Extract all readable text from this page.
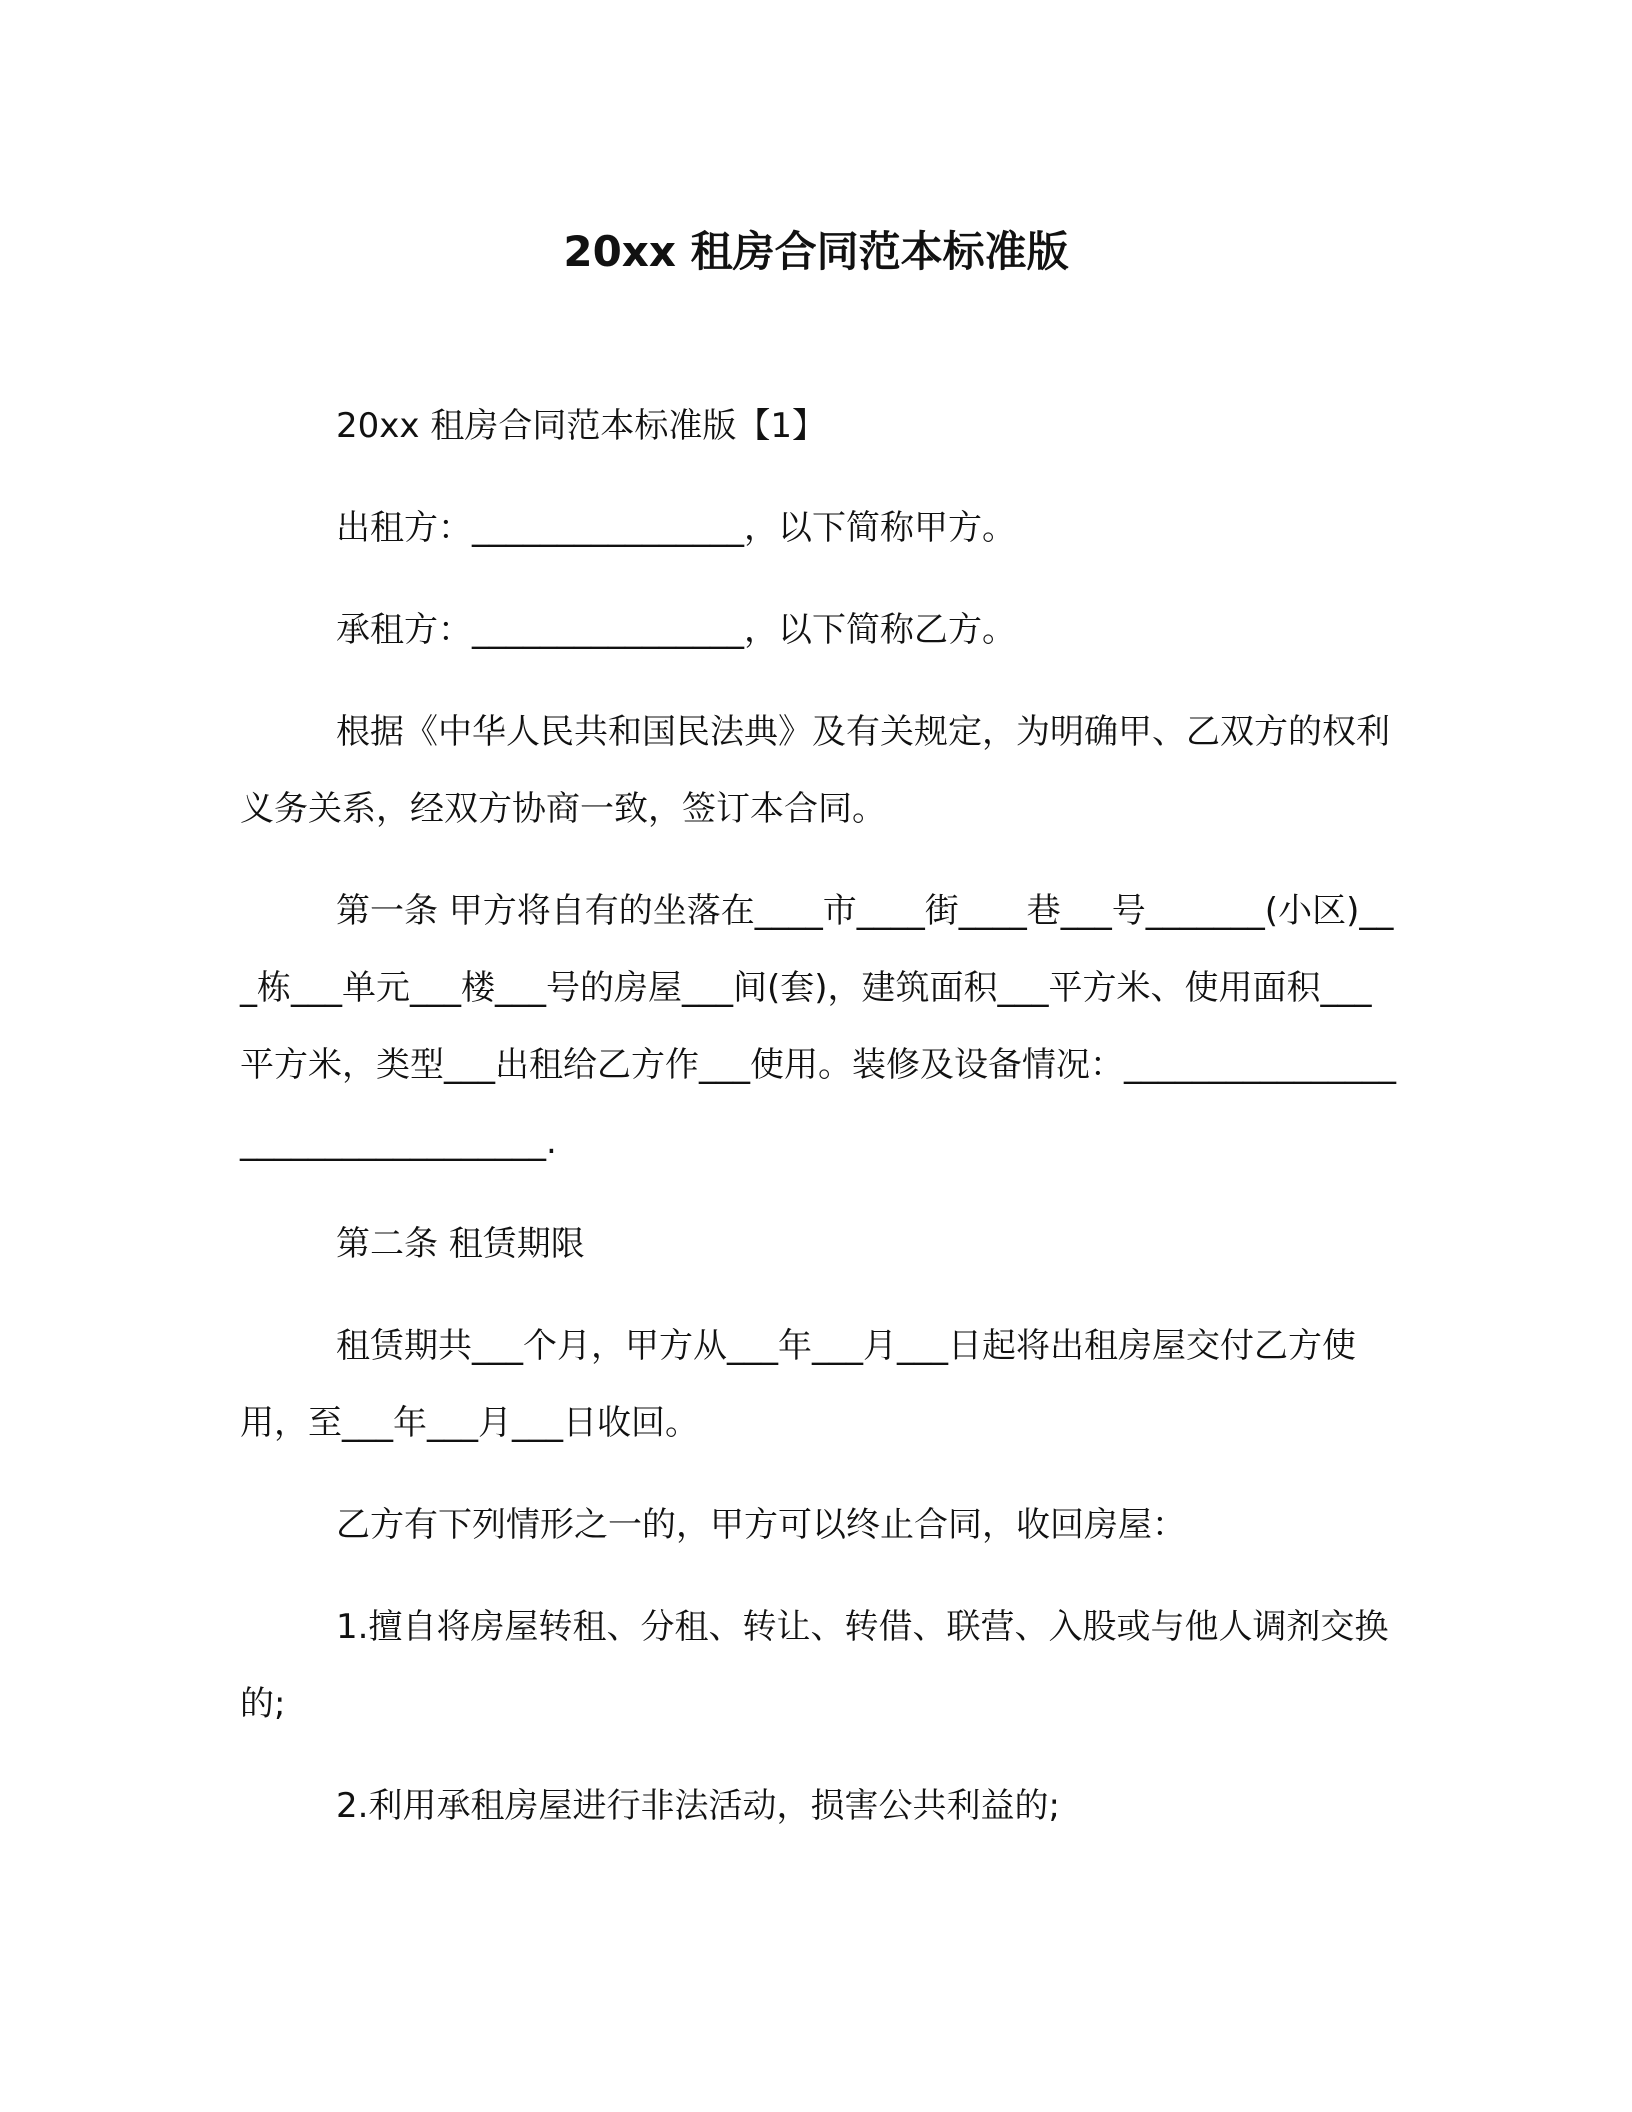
20xx 租房合同范本标准版

20xx 租房合同范本标准版【1】

出租方：________________，以下简称甲方。

承租方：________________，以下简称乙方。

根据《中华人民共和国民法典》及有关规定，为明确甲、乙双方的权利义务关系，经双方协商一致，签订本合同。

第一条 甲方将自有的坐落在____市____街____巷___号_______(小区)___栋___单元___楼___号的房屋___间(套)，建筑面积___平方米、使用面积___平方米，类型___出租给乙方作___使用。装修及设备情况：__________________________________.

第二条 租赁期限

租赁期共___个月，甲方从___年___月___日起将出租房屋交付乙方使用，至___年___月___日收回。

乙方有下列情形之一的，甲方可以终止合同，收回房屋：

1.擅自将房屋转租、分租、转让、转借、联营、入股或与他人调剂交换的;

2.利用承租房屋进行非法活动，损害公共利益的;
